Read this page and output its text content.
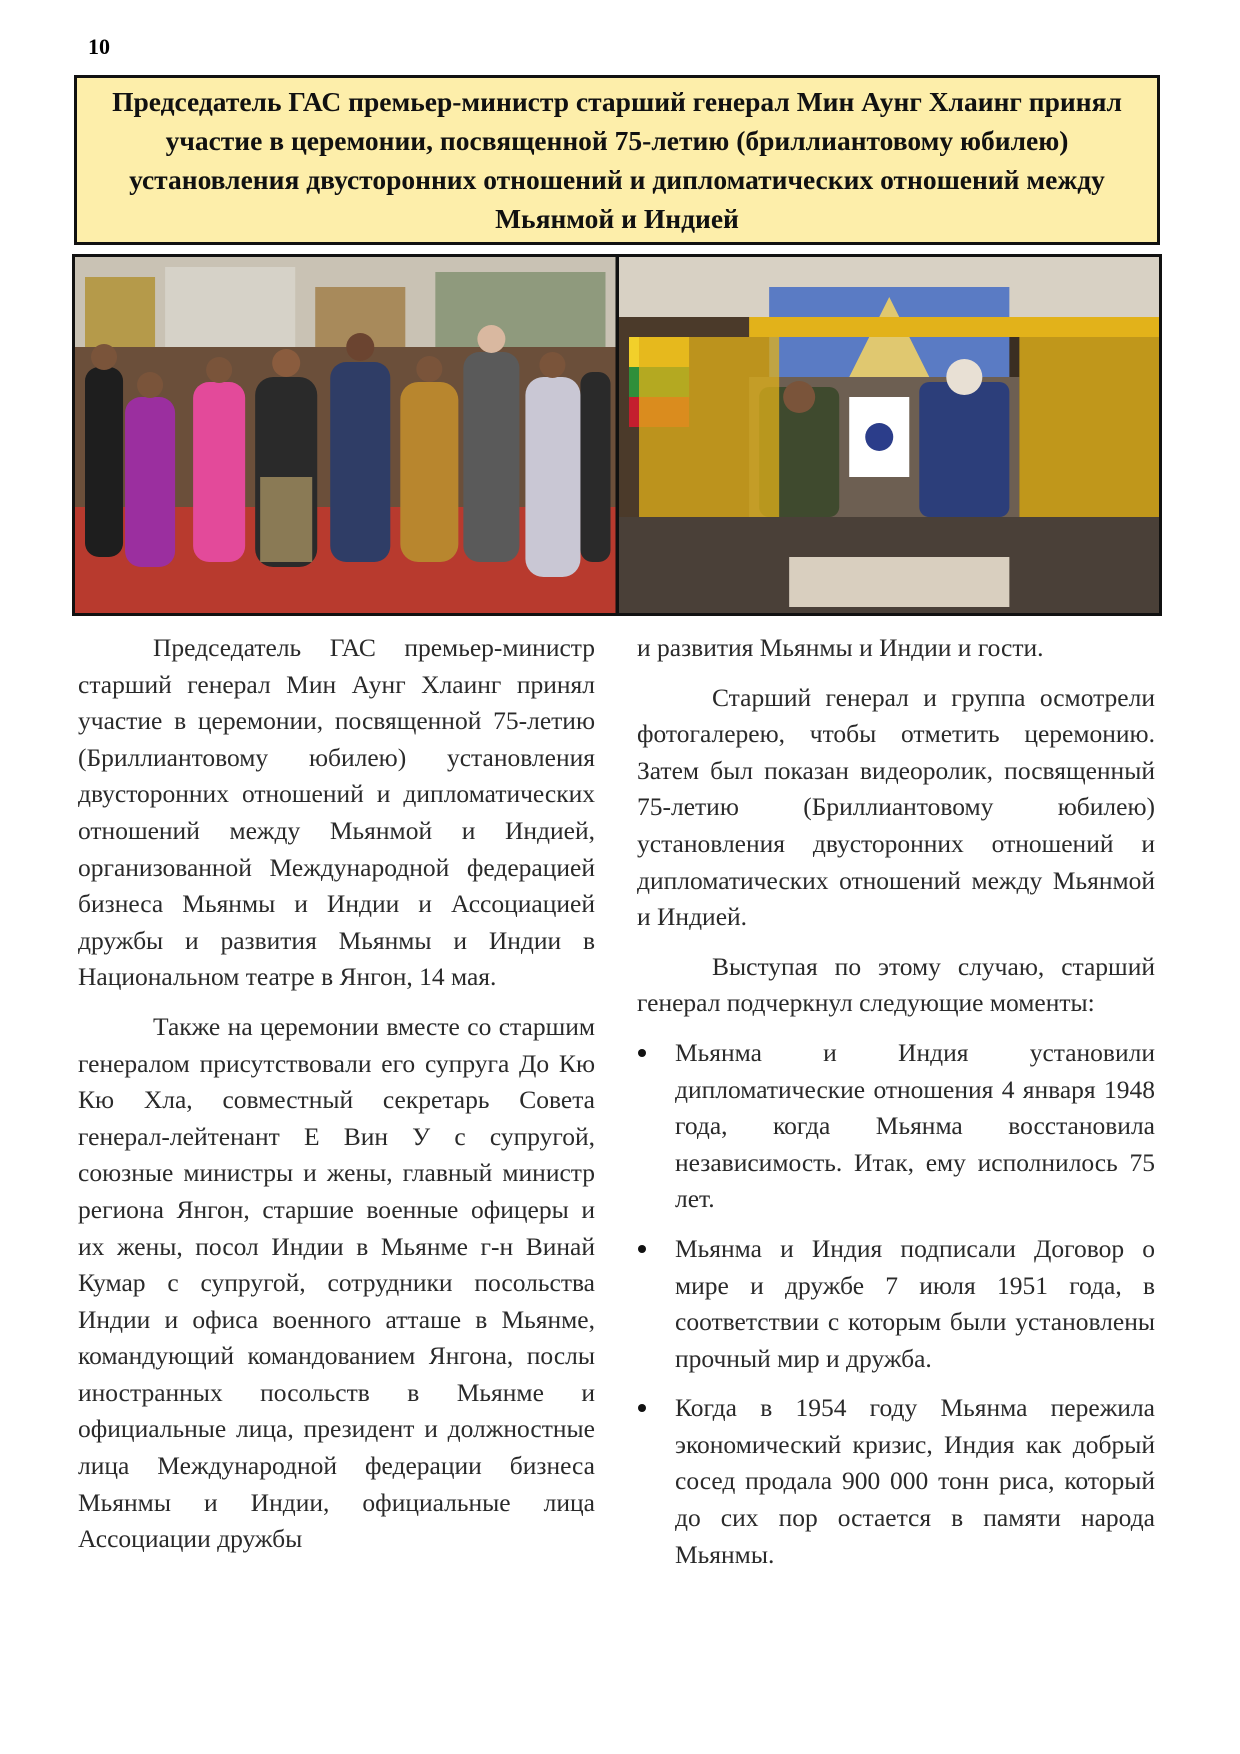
10
Председатель ГАС премьер-министр старший генерал Мин Аунг Хлаинг принял участие в церемонии, посвященной 75-летию (бриллиантовому юбилею) установления двусторонних отношений и дипломатических отношений между Мьянмой и Индией

Председатель ГАС премьер-министр старший генерал Мин Аунг Хлаинг принял участие в церемонии, посвященной 75-летию (Бриллиантовому юбилею) установления двусторонних отношений и дипломатических отношений между Мьянмой и Индией, организованной Международной федерацией бизнеса Мьянмы и Индии и Ассоциацией дружбы и развития Мьянмы и Индии в Национальном театре в Янгон, 14 мая.

Также на церемонии вместе со старшим генералом присутствовали его супруга До Кю Кю Хла, совместный секретарь Совета генерал-лейтенант Е Вин У с супругой, союзные министры и жены, главный министр региона Янгон, старшие военные офицеры и их жены, посол Индии в Мьянме г-н Винай Кумар с супругой, сотрудники посольства Индии и офиса военного атташе в Мьянме, командующий командованием Янгона, послы иностранных посольств в Мьянме и официальные лица, президент и должностные лица Международной федерации бизнеса Мьянмы и Индии, официальные лица Ассоциации дружбы

и развития Мьянмы и Индии и гости.

Старший генерал и группа осмотрели фотогалерею, чтобы отметить церемонию. Затем был показан видеоролик, посвященный 75-летию (Бриллиантовому юбилею) установления двусторонних отношений и дипломатических отношений между Мьянмой и Индией.

Выступая по этому случаю, старший генерал подчеркнул следующие моменты:

Мьянма и Индия установили дипломатические отношения 4 января 1948 года, когда Мьянма восстановила независимость. Итак, ему исполнилось 75 лет.
Мьянма и Индия подписали Договор о мире и дружбе 7 июля 1951 года, в соответствии с которым были установлены прочный мир и дружба.
Когда в 1954 году Мьянма пережила экономический кризис, Индия как добрый сосед продала 900 000 тонн риса, который до сих пор остается в памяти народа Мьянмы.
